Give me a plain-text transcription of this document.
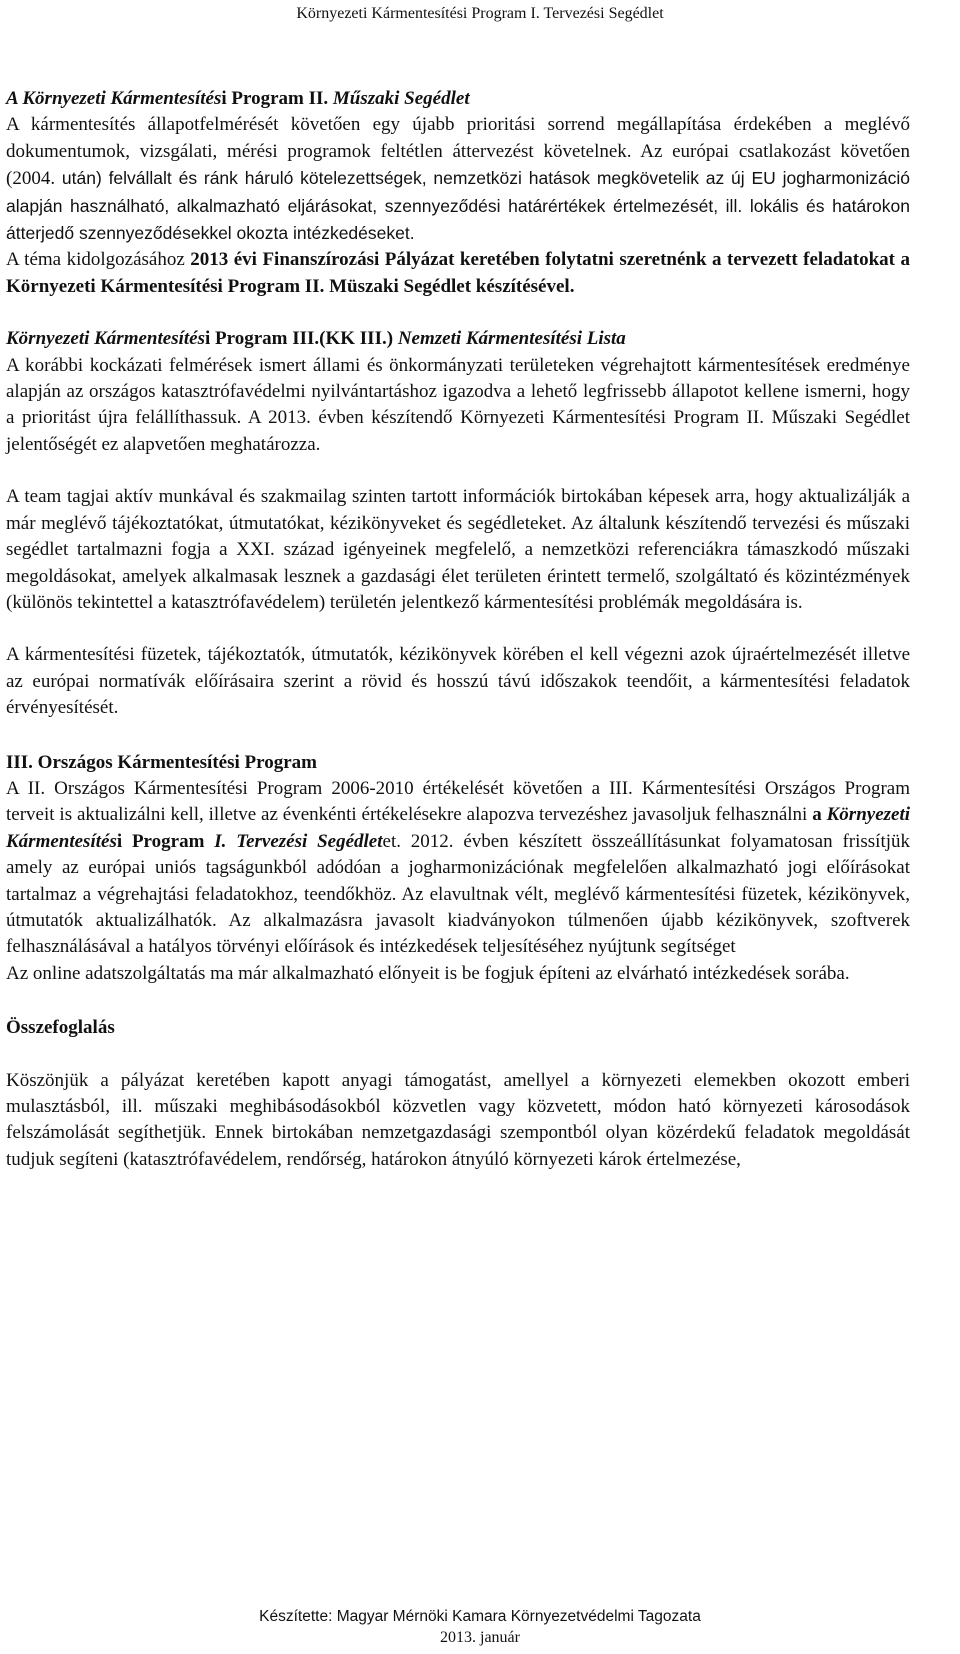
Környezeti Kármentesítési Program I. Tervezési Segédlet

A Környezeti Kármentesítési Program II. Műszaki Segédlet

A kármentesítés állapotfelmérését követően egy újabb prioritási sorrend megállapítása érdekében a meglévő dokumentumok, vizsgálati, mérési programok feltétlen áttervezést követelnek. Az európai csatlakozást követően (2004. után) felvállalt és ránk háruló kötelezettségek, nemzetközi hatások megkövetelik az új EU jogharmonizáció alapján használható, alkalmazható eljárásokat, szennyeződési határértékek értelmezését, ill. lokális és határokon átterjedő szennyeződésekkel okozta intézkedéseket.

A téma kidolgozásához 2013 évi Finanszírozási Pályázat keretében folytatni szeretnénk a tervezett feladatokat a Környezeti Kármentesítési Program II. Müszaki Segédlet készítésével.

Környezeti Kármentesítési Program III.(KK III.) Nemzeti Kármentesítési Lista

A korábbi kockázati felmérések ismert állami és önkormányzati területeken végrehajtott kármentesítések eredménye alapján az országos katasztrófavédelmi nyilvántartáshoz igazodva a lehető legfrissebb állapotot kellene ismerni, hogy a prioritást újra felállíthassuk. A 2013. évben készítendő Környezeti Kármentesítési Program II. Műszaki Segédlet jelentőségét ez alapvetően meghatározza.

A team tagjai aktív munkával és szakmailag szinten tartott információk birtokában képesek arra, hogy aktualizálják a már meglévő tájékoztatókat, útmutatókat, kézikönyveket és segédleteket. Az általunk készítendő tervezési és műszaki segédlet tartalmazni fogja a XXI. század igényeinek megfelelő, a nemzetközi referenciákra támaszkodó műszaki megoldásokat, amelyek alkalmasak lesznek a gazdasági élet területen érintett termelő, szolgáltató és közintézmények (különös tekintettel a katasztrófavédelem) területén jelentkező kármentesítési problémák megoldására is.

A kármentesítési füzetek, tájékoztatók, útmutatók, kézikönyvek körében el kell végezni azok újraértelmezését illetve az európai normatívák előírásaira szerint a rövid és hosszú távú időszakok teendőit, a kármentesítési feladatok érvényesítését.

III. Országos Kármentesítési Program

A II. Országos Kármentesítési Program 2006-2010 értékelését követően a III. Kármentesítési Országos Program terveit is aktualizálni kell, illetve az évenkénti értékelésekre alapozva tervezéshez javasoljuk felhasználni a Környezeti Kármentesítési Program I. Tervezési Segédletet. 2012. évben készített összeállításunkat folyamatosan frissítjük amely az európai uniós tagságunkból adódóan a jogharmonizációnak megfelelően alkalmazható jogi előírásokat tartalmaz a végrehajtási feladatokhoz, teendőkhöz. Az elavultnak vélt, meglévő kármentesítési füzetek, kézikönyvek, útmutatók aktualizálhatók. Az alkalmazásra javasolt kiadványokon túlmenően újabb kézikönyvek, szoftverek felhasználásával a hatályos törvényi előírások és intézkedések teljesítéséhez nyújtunk segítséget

Az online adatszolgáltatás ma már alkalmazható előnyeit is be fogjuk építeni az elvárható intézkedések sorába.

Összefoglalás

Köszönjük a pályázat keretében kapott anyagi támogatást, amellyel a környezeti elemekben okozott emberi mulasztásból, ill. műszaki meghibásodásokból közvetlen vagy közvetett, módon ható környezeti károsodások felszámolását segíthetjük. Ennek birtokában nemzetgazdasági szempontból olyan közérdekű feladatok megoldását tudjuk segíteni (katasztrófavédelem, rendőrség, határokon átnyúló környezeti károk értelmezése,

Készítette: Magyar Mérnöki Kamara Környezetvédelmi Tagozata
2013. január
